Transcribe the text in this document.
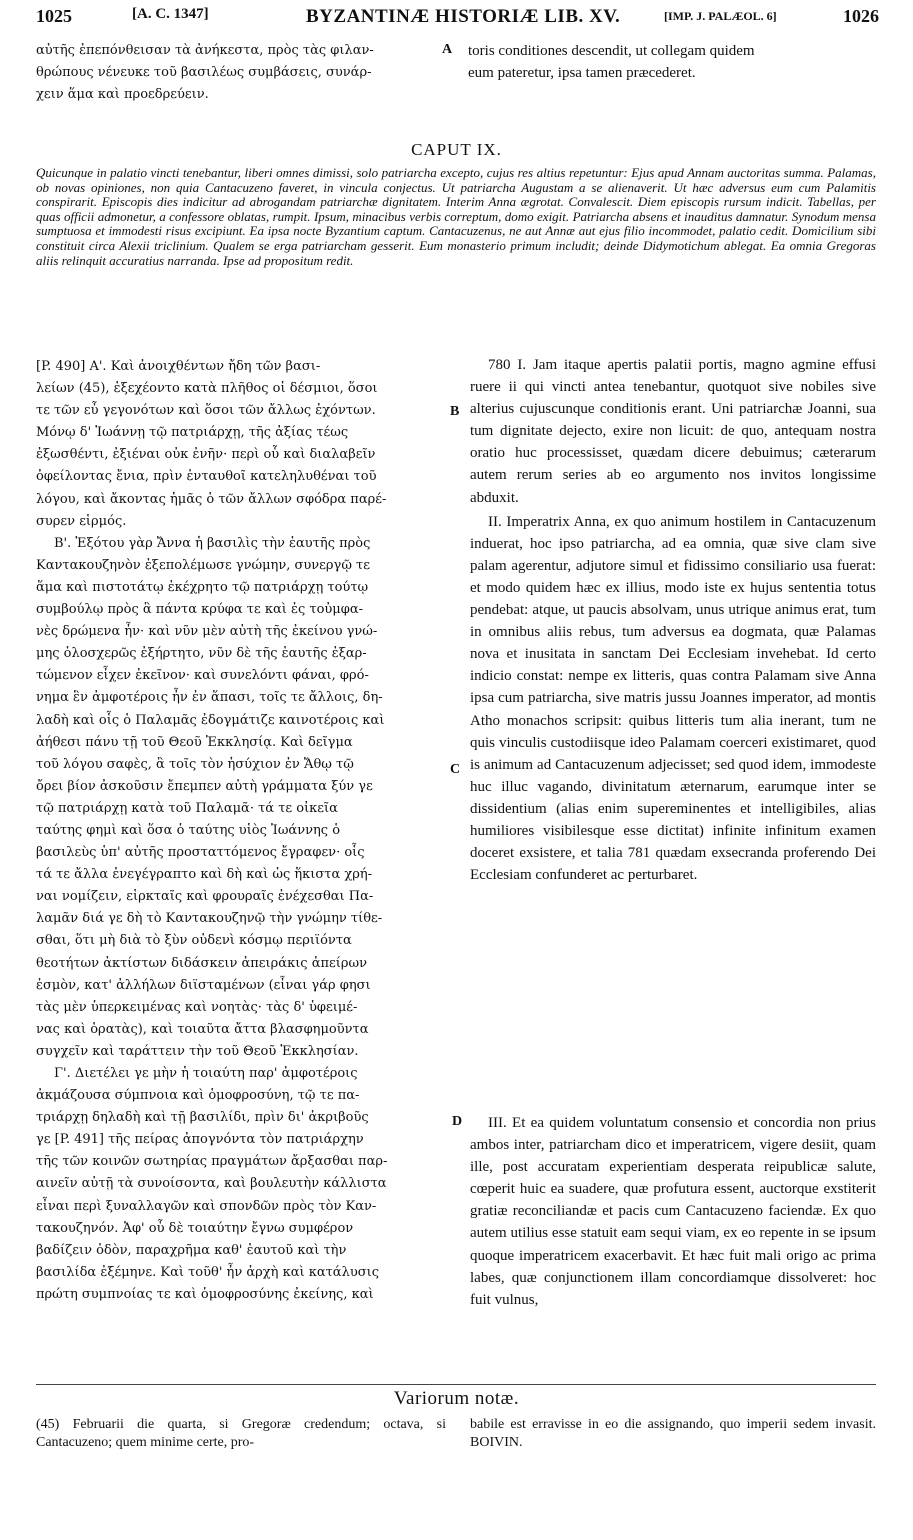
1025	[A. C. 1347]	BYZANTINÆ HISTORIÆ LIB. XV.	[IMP. J. PALÆOL. 6]	1026

αὐτῆς ἐπεπόνθεισαν τὰ ἀνήκεστα, πρὸς τὰς φιλαν-

θρώπους νένευκε τοῦ βασιλέως συμβάσεις, συνάρ-

χειν ἅμα καὶ προεδρεύειν.

A toris conditiones descendit, ut collegam quidem

eum pateretur, ipsa tamen præcederet.

CAPUT IX.
Quicunque in palatio vincti tenebantur, liberi omnes dimissi, solo patriarcha excepto, cujus res altius repetuntur: Ejus apud Annam auctoritas summa. Palamas, ob novas opiniones, non quia Cantacuzeno faveret, in vincula conjectus. Ut patriarcha Augustam a se alienaverit. Ut hæc adversus eum cum Palamitis conspirarit. Episcopis dies indicitur ad abrogandam patriarchæ dignitatem. Interim Anna ægrotat. Convalescit. Diem episcopis rursum indicit. Tabellas, per quas officii admonetur, a confessore oblatas, rumpit. Ipsum, minacibus verbis correptum, domo exigit. Patriarcha absens et inauditus damnatur. Synodum mensa sumptuosa et immodesti risus excipiunt. Ea ipsa nocte Byzantium captum. Cantacuzenus, ne aut Annæ aut ejus filio incommodet, palatio cedit. Domicilium sibi constituit circa Alexii triclinium. Qualem se erga patriarcham gesserit. Eum monasterio primum includit; deinde Didymotichum ablegat. Ea omnia Gregoras aliis relinquit accuratius narranda. Ipse ad propositum redit.

[P. 490] Α'. Καὶ ἀνοιχθέντων ἤδη τῶν βασι-

λείων (45), ἐξεχέοντο κατὰ πλῆθος οἱ δέσμιοι, ὅσοι

τε τῶν εὖ γεγονότων καὶ ὅσοι τῶν ἄλλως ἐχόντων.

Μόνῳ δ' Ἰωάννῃ τῷ πατριάρχῃ, τῆς ἀξίας τέως

ἐξωσθέντι, ἐξιέναι οὐκ ἐνῆν· περὶ οὗ καὶ διαλαβεῖν

ὀφείλοντας ἔνια, πρὶν ἐνταυθοῖ κατεληλυθέναι τοῦ

λόγου, καὶ ἄκοντας ἡμᾶς ὁ τῶν ἄλλων σφόδρα παρέ-

συρεν εἱρμός.

Β'. Ἐξότου γὰρ Ἄννα ἡ βασιλὶς τὴν ἑαυτῆς πρὸς

Καντακουζηνὸν ἐξεπολέμωσε γνώμην, συνεργῷ τε

ἅμα καὶ πιστοτάτῳ ἐκέχρητο τῷ πατριάρχῃ τούτῳ

συμβούλῳ πρὸς ἃ πάντα κρύφα τε καὶ ἐς τοὐμφα-

νὲς δρώμενα ἦν· καὶ νῦν μὲν αὐτὴ τῆς ἐκείνου γνώ-

μης ὁλοσχερῶς ἐξήρτητο, νῦν δὲ τῆς ἑαυτῆς ἐξαρ-

τώμενον εἶχεν ἐκεῖνον· καὶ συνελόντι φάναι, φρό-

νημα ἓν ἀμφοτέροις ἦν ἐν ἅπασι, τοῖς τε ἄλλοις, δη-

λαδὴ καὶ οἷς ὁ Παλαμᾶς ἐδογμάτιζε καινοτέροις καὶ

ἀήθεσι πάνυ τῇ τοῦ Θεοῦ Ἐκκλησίᾳ. Καὶ δεῖγμα

τοῦ λόγου σαφὲς, ἃ τοῖς τὸν ἡσύχιον ἐν Ἄθῳ τῷ

ὄρει βίον ἀσκοῦσιν ἔπεμπεν αὐτὴ γράμματα ξύν γε

τῷ πατριάρχῃ κατὰ τοῦ Παλαμᾶ· τά τε οἰκεῖα

ταύτης φημὶ καὶ ὅσα ὁ ταύτης υἱὸς Ἰωάννης ὁ

βασιλεὺς ὑπ' αὐτῆς προσταττόμενος ἔγραφεν· οἷς

τά τε ἄλλα ἐνεγέγραπτο καὶ δὴ καὶ ὡς ἥκιστα χρή-

ναι νομίζειν, εἱρκταῖς καὶ φρουραῖς ἐνέχεσθαι Πα-

λαμᾶν διά γε δὴ τὸ Καντακουζηνῷ τὴν γνώμην τίθε-

σθαι, ὅτι μὴ διὰ τὸ ξὺν οὐδενὶ κόσμῳ περιϊόντα

θεοτήτων ἀκτίστων διδάσκειν ἀπειράκις ἀπείρων

ἐσμὸν, κατ' ἀλλήλων διϊσταμένων (εἶναι γάρ φησι

τὰς μὲν ὑπερκειμένας καὶ νοητὰς· τὰς δ' ὑφειμέ-

νας καὶ ὁρατὰς), καὶ τοιαῦτα ἄττα βλασφημοῦντα

συγχεῖν καὶ ταράττειν τὴν τοῦ Θεοῦ Ἐκκλησίαν.

Γ'. Διετέλει γε μὴν ἡ τοιαύτη παρ' ἀμφοτέροις

ἀκμάζουσα σύμπνοια καὶ ὁμοφροσύνη, τῷ τε πα-

τριάρχῃ δηλαδὴ καὶ τῇ βασιλίδι, πρὶν δι' ἀκριβοῦς

γε [P. 491] τῆς πείρας ἀπογνόντα τὸν πατριάρχην

τῆς τῶν κοινῶν σωτηρίας πραγμάτων ἄρξασθαι παρ-

αινεῖν αὐτῇ τὰ συνοίσοντα, καὶ βουλευτὴν κάλλιστα

εἶναι περὶ ξυναλλαγῶν καὶ σπονδῶν πρὸς τὸν Καν-

τακουζηνόν. Ἀφ' οὗ δὲ τοιαύτην ἔγνω συμφέρον

βαδίζειν ὁδὸν, παραχρῆμα καθ' ἑαυτοῦ καὶ τὴν

βασιλίδα ἐξέμηνε. Καὶ τοῦθ' ἦν ἀρχὴ καὶ κατάλυσις

πρώτη συμπνοίας τε καὶ ὁμοφροσύνης ἐκείνης, καὶ

B
C
D

780 I. Jam itaque apertis palatii portis, magno agmine effusi ruere ii qui vincti antea tenebantur, quotquot sive nobiles sive alterius cujuscunque conditionis erant. Uni patriarchæ Joanni, sua tum dignitate dejecto, exire non licuit: de quo, antequam nostra oratio huc processisset, quædam dicere debuimus; cæterarum autem rerum series ab eo argumento nos invitos longissime abduxit.

II. Imperatrix Anna, ex quo animum hostilem in Cantacuzenum induerat, hoc ipso patriarcha, ad ea omnia, quæ sive clam sive palam agerentur, adjutore simul et fidissimo consiliario usa fuerat: et modo quidem hæc ex illius, modo iste ex hujus sententia totus pendebat: atque, ut paucis absolvam, unus utrique animus erat, tum in omnibus aliis rebus, tum adversus ea dogmata, quæ Palamas nova et inusitata in sanctam Dei Ecclesiam invehebat. Id certo indicio constat: nempe ex litteris, quas contra Palamam sive Anna ipsa cum patriarcha, sive matris jussu Joannes imperator, ad montis Atho monachos scripsit: quibus litteris tum alia inerant, tum ne quis vinculis custodiisque ideo Palamam coerceri existimaret, quod is animum ad Cantacuzenum adjecisset; sed quod idem, immodeste huc illuc vagando, divinitatum æternarum, earumque inter se dissidentium (alias enim supereminentes et intelligibiles, alias humiliores visibilesque esse dictitat) infinite infinitum examen doceret exsistere, et talia 781 quædam exsecranda proferendo Dei Ecclesiam confunderet ac perturbaret.

III. Et ea quidem voluntatum consensio et concordia non prius ambos inter, patriarcham dico et imperatricem, vigere desiit, quam ille, post accuratam experientiam desperata reipublicæ salute, cœperit huic ea suadere, quæ profutura essent, auctorque exstiterit gratiæ reconciliandæ et pacis cum Cantacuzeno faciendæ. Ex quo autem utilius esse statuit eam sequi viam, ex eo repente in se ipsum quoque imperatricem exacerbavit. Et hæc fuit mali origo ac prima labes, quæ conjunctionem illam concordiamque dissolveret: hoc fuit vulnus,

Variorum notæ.
(45) Februarii die quarta, si Gregoræ credendum; octava, si Cantacuzeno; quem minime certe, pro-
babile est erravisse in eo die assignando, quo imperii sedem invasit. BOIVIN.
